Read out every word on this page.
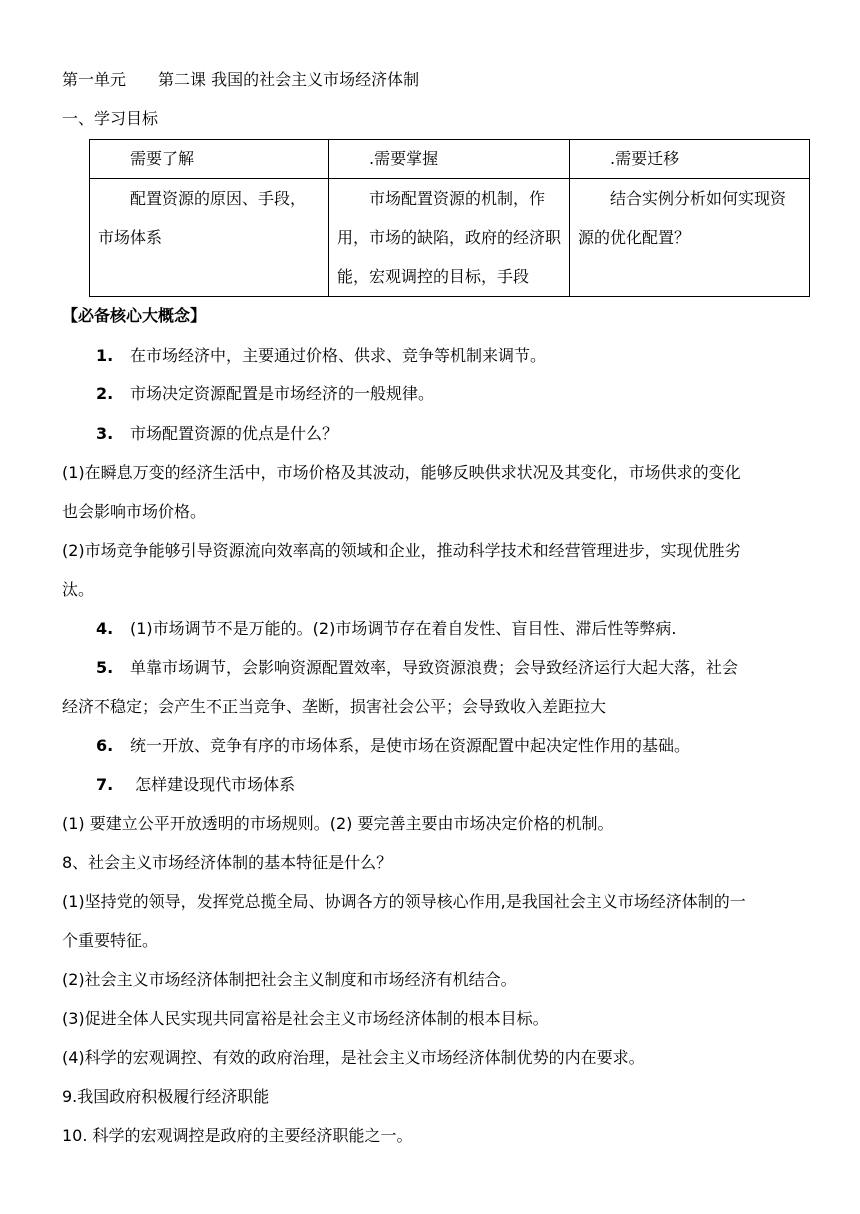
第一单元　　第二课 我国的社会主义市场经济体制
一、学习目标
需要了解	.需要掌握	.需要迁移
配置资源的原因、手段，市场体系	市场配置资源的机制，作用，市场的缺陷，政府的经济职能，宏观调控的目标，手段	结合实例分析如何实现资源的优化配置？
【必备核心大概念】
1. 在市场经济中，主要通过价格、供求、竞争等机制来调节。
2. 市场决定资源配置是市场经济的一般规律。
3. 市场配置资源的优点是什么？
(1)在瞬息万变的经济生活中，市场价格及其波动，能够反映供求状况及其变化，市场供求的变化
也会影响市场价格。
(2)市场竞争能够引导资源流向效率高的领域和企业，推动科学技术和经营管理进步，实现优胜劣
汰。
4. (1)市场调节不是万能的。(2)市场调节存在着自发性、盲目性、滞后性等弊病.
5. 单靠市场调节，会影响资源配置效率，导致资源浪费；会导致经济运行大起大落，社会
经济不稳定；会产生不正当竞争、垄断，损害社会公平；会导致收入差距拉大
6. 统一开放、竞争有序的市场体系，是使市场在资源配置中起决定性作用的基础。
7. 怎样建设现代市场体系
(1) 要建立公平开放透明的市场规则。(2) 要完善主要由市场决定价格的机制。
8、社会主义市场经济体制的基本特征是什么？
(1)坚持党的领导，发挥党总揽全局、协调各方的领导核心作用,是我国社会主义市场经济体制的一
个重要特征。
(2)社会主义市场经济体制把社会主义制度和市场经济有机结合。
(3)促进全体人民实现共同富裕是社会主义市场经济体制的根本目标。
(4)科学的宏观调控、有效的政府治理，是社会主义市场经济体制优势的内在要求。
9.我国政府积极履行经济职能
10. 科学的宏观调控是政府的主要经济职能之一。
